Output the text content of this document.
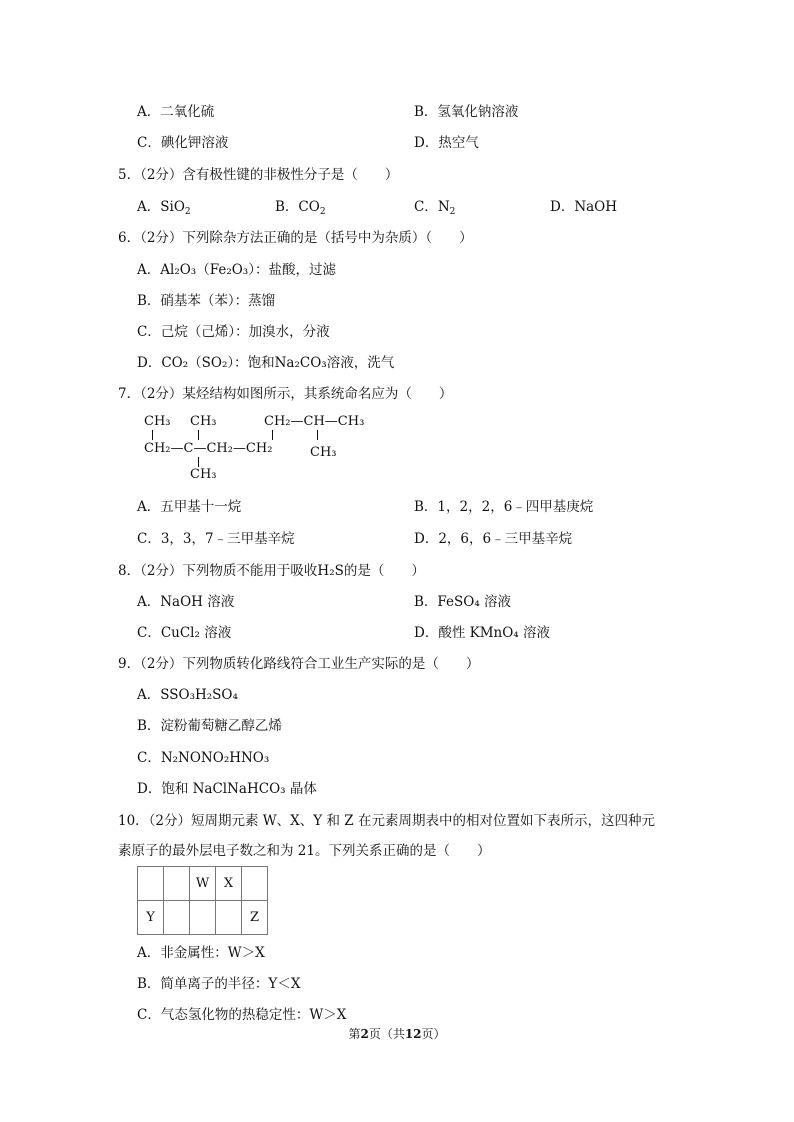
A．二氧化硫	B．氢氧化钠溶液
C．碘化钾溶液	D．热空气
5．（2分）含有极性键的非极性分子是（　　）
A．SiO$_2$	B．$CO_2$	C．$N_2$	D．NaOH
6．（2分）下列除杂方法正确的是（括号中为杂质）（　　）
A．Al₂O₃（Fe₂O₃）：盐酸，过滤
B．硝基苯（苯）：蒸馏
C．己烷（己烯）：加溴水，分液
D．CO₂（SO₂）：饱和Na₂CO₃溶液，洗气
7．（2分）某烃结构如图所示，其系统命名应为（　　）
CH₃ CH₃	CH₂—CH—CH₃
CH₂—C—CH₂—CH₂	CH₃
CH₃
A．五甲基十一烷	B．1，2，2，6﹣四甲基庚烷
C．3，3，7﹣三甲基辛烷	D．2，6，6﹣三甲基辛烷
8．（2分）下列物质不能用于吸收H₂S的是（　　）
A．NaOH 溶液	B．FeSO₄ 溶液
C．CuCl₂ 溶液	D．酸性 KMnO₄ 溶液
9．（2分）下列物质转化路线符合工业生产实际的是（　　）
A．SSO₃H₂SO₄
B．淀粉葡萄糖乙醇乙烯
C．N₂NONO₂HNO₃
D．饱和 NaClNaHCO₃ 晶体
10．（2分）短周期元素 W、X、Y 和 Z 在元素周期表中的相对位置如下表所示，这四种元
素原子的最外层电子数之和为 21。下列关系正确的是（　　）
		W	X	
Y				Z
A．非金属性：W＞X
B．简单离子的半径：Y＜X
C．气态氢化物的热稳定性：W＞X
第2页（共12页）
